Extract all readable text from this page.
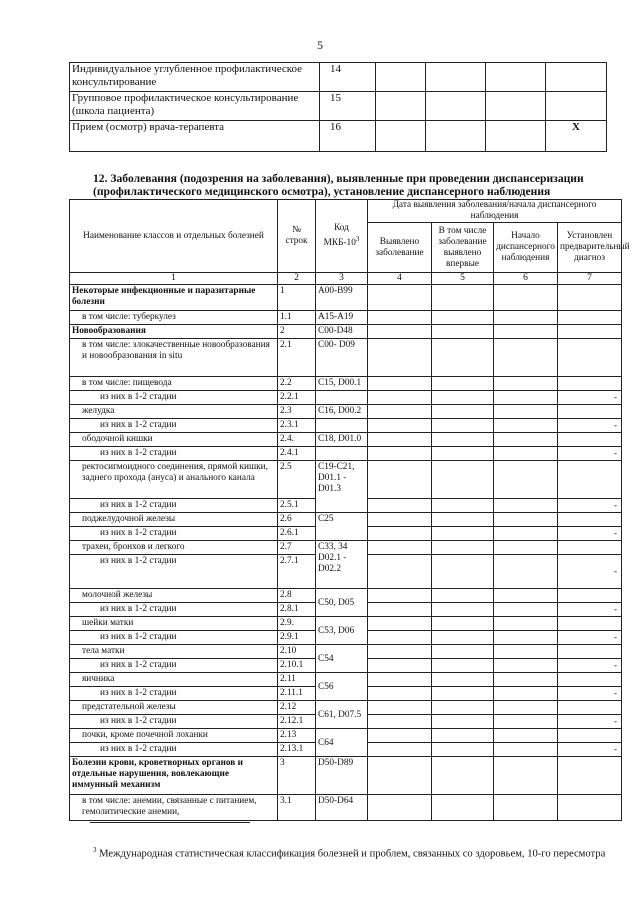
5
Индивидуальное углубленное профилактическое консультирование	14				
Групповое профилактическое консультирование (школа пациента)	15				
Прием (осмотр) врача-терапевта	16				X
12. Заболевания (подозрения на заболевания), выявленные при проведении диспансеризации (профилактического медицинского осмотра), установление диспансерного наблюдения
Наименование классов и отдельных болезней	№ строк	Код МКБ-$10^3$	Дата выявления заболевания/начала диспансерного наблюдения			
			Выявлено заболевание	В том числе заболевание выявлено впервые	Начало диспансерного наблюдения	Установлен предварительный диагноз
1	2	3	4	5	6	7
Некоторые инфекционные и паразитарные болезни	1	A00-B99				
в том числе: туберкулез	1.1	A15-A19				
Новообразования	2	C00-D48				
в том числе: злокачественные новообразования и новообразования in situ	2.1	C00- D09				
в том числе: пищевода	2.2	C15, D00.1				
из них в 1-2 стадии	2.2.1					-
желудка	2.3	C16, D00.2				
из них в 1-2 стадии	2.3.1					-
ободочной кишки	2.4.	C18, D01.0				
из них в 1-2 стадии	2.4.1					-
ректосигмоидного соединения, прямой кишки, заднего прохода (ануса) и анального канала	2.5	C19-C21, D01.1 - D01.3				
из них в 1-2 стадии	2.5.1					-
поджелудочной железы	2.6	C25				
из них в 1-2 стадии	2.6.1					-
трахеи, бронхов и легкого	2.7	C33, 34 D02.1 - D02.2				
из них в 1-2 стадии	2.7.1					-
молочной железы	2.8	C50, D05				
из них в 1-2 стадии	2.8.1					-
шейки матки	2.9.	C53, D06				
из них в 1-2 стадии	2.9.1					-
тела матки	2.10	C54				
из них в 1-2 стадии	2.10.1					-
яичника	2.11	C56				
из них в 1-2 стадии	2.11.1					-
предстательной железы	2.12	C61, D07.5				
из них в 1-2 стадии	2.12.1					-
почки, кроме почечной лоханки	2.13	C64				
из них в 1-2 стадии	2.13.1					-
Болезни крови, кроветворных органов и отдельные нарушения, вовлекающие иммунный механизм	3	D50-D89				
в том числе: анемии, связанные с питанием, гемолитические анемии,	3.1	D50-D64				
$^3$ Международная статистическая классификация болезней и проблем, связанных со здоровьем, 10-го пересмотра
